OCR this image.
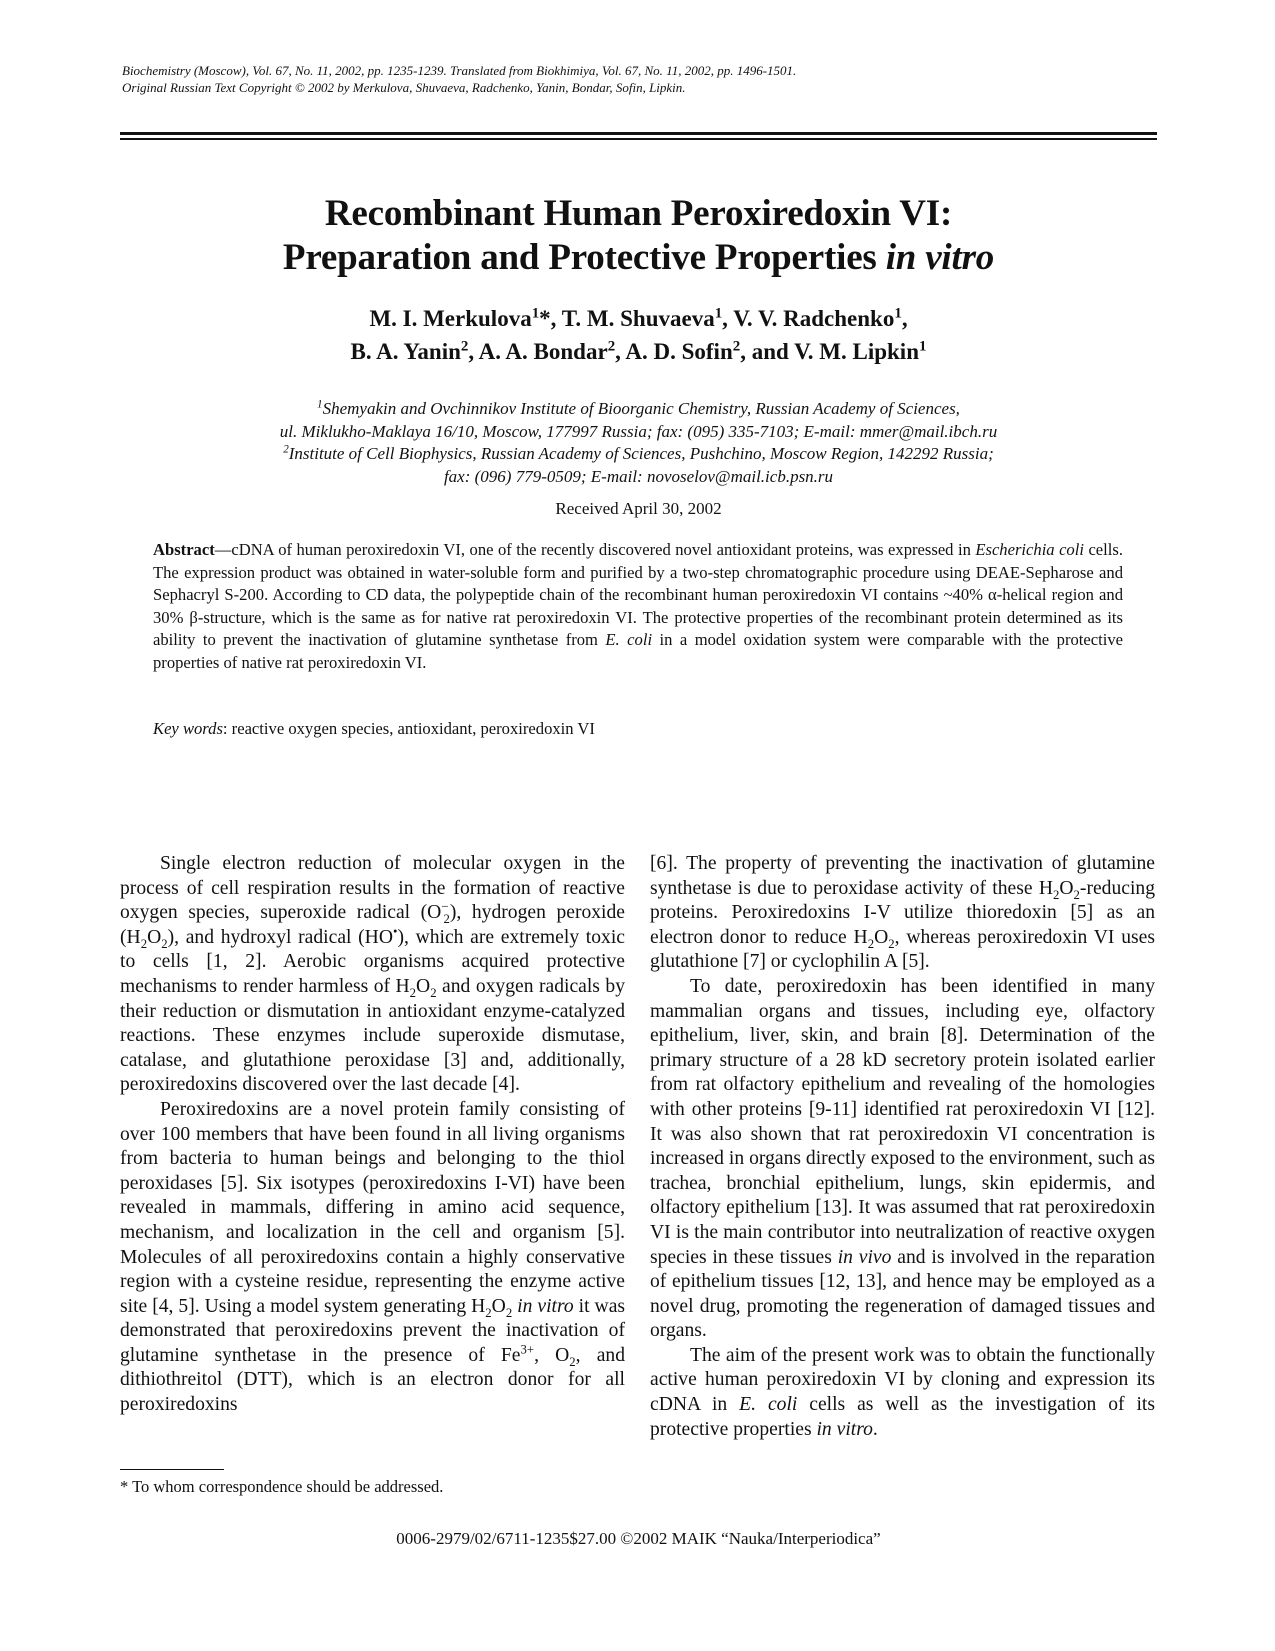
Biochemistry (Moscow), Vol. 67, No. 11, 2002, pp. 1235-1239. Translated from Biokhimiya, Vol. 67, No. 11, 2002, pp. 1496-1501.
Original Russian Text Copyright © 2002 by Merkulova, Shuvaeva, Radchenko, Yanin, Bondar, Sofin, Lipkin.
Recombinant Human Peroxiredoxin VI:
Preparation and Protective Properties in vitro
M. I. Merkulova$^1$*, T. M. Shuvaeva$^1$, V. V. Radchenko$^1$,
B. A. Yanin$^2$, A. A. Bondar$^2$, A. D. Sofin$^2$, and V. M. Lipkin$^1$
$^1$Shemyakin and Ovchinnikov Institute of Bioorganic Chemistry, Russian Academy of Sciences,
ul. Miklukho-Maklaya 16/10, Moscow, 177997 Russia; fax: (095) 335-7103; E-mail: mmer@mail.ibch.ru
$^2$Institute of Cell Biophysics, Russian Academy of Sciences, Pushchino, Moscow Region, 142292 Russia;
fax: (096) 779-0509; E-mail: novoselov@mail.icb.psn.ru
Received April 30, 2002
Abstract—cDNA of human peroxiredoxin VI, one of the recently discovered novel antioxidant proteins, was expressed in Escherichia coli cells. The expression product was obtained in water-soluble form and purified by a two-step chromatographic procedure using DEAE-Sepharose and Sephacryl S-200. According to CD data, the polypeptide chain of the recombinant human peroxiredoxin VI contains ~40% α-helical region and 30% β-structure, which is the same as for native rat peroxiredoxin VI. The protective properties of the recombinant protein determined as its ability to prevent the inactivation of glutamine synthetase from E. coli in a model oxidation system were comparable with the protective properties of native rat peroxiredoxin VI.
Key words: reactive oxygen species, antioxidant, peroxiredoxin VI

Single electron reduction of molecular oxygen in the process of cell respiration results in the formation of reactive oxygen species, superoxide radical $(O^-_2)$, hydrogen peroxide $(H_2O_2)$, and hydroxyl radical (HO•), which are extremely toxic to cells [1, 2]. Aerobic organisms acquired protective mechanisms to render harmless of $H_2O_2$ and oxygen radicals by their reduction or dismutation in antioxidant enzyme-catalyzed reactions. These enzymes include superoxide dismutase, catalase, and glutathione peroxidase [3] and, additionally, peroxiredoxins discovered over the last decade [4].

Peroxiredoxins are a novel protein family consisting of over 100 members that have been found in all living organisms from bacteria to human beings and belonging to the thiol peroxidases [5]. Six isotypes (peroxiredoxins I-VI) have been revealed in mammals, differing in amino acid sequence, mechanism, and localization in the cell and organism [5]. Molecules of all peroxiredoxins contain a highly conservative region with a cysteine residue, representing the enzyme active site [4, 5]. Using a model system generating $H_2O_2$ in vitro it was demonstrated that peroxiredoxins prevent the inactivation of glutamine synthetase in the presence of $Fe^{3+}$, $O_2$, and dithiothreitol (DTT), which is an electron donor for all peroxiredoxins

[6]. The property of preventing the inactivation of glutamine synthetase is due to peroxidase activity of these $H_2O_2$-reducing proteins. Peroxiredoxins I-V utilize thioredoxin [5] as an electron donor to reduce $H_2O_2$, whereas peroxiredoxin VI uses glutathione [7] or cyclophilin A [5].

To date, peroxiredoxin has been identified in many mammalian organs and tissues, including eye, olfactory epithelium, liver, skin, and brain [8]. Determination of the primary structure of a 28 kD secretory protein isolated earlier from rat olfactory epithelium and revealing of the homologies with other proteins [9-11] identified rat peroxiredoxin VI [12]. It was also shown that rat peroxiredoxin VI concentration is increased in organs directly exposed to the environment, such as trachea, bronchial epithelium, lungs, skin epidermis, and olfactory epithelium [13]. It was assumed that rat peroxiredoxin VI is the main contributor into neutralization of reactive oxygen species in these tissues in vivo and is involved in the reparation of epithelium tissues [12, 13], and hence may be employed as a novel drug, promoting the regeneration of damaged tissues and organs.

The aim of the present work was to obtain the functionally active human peroxiredoxin VI by cloning and expression its cDNA in E. coli cells as well as the investigation of its protective properties in vitro.

* To whom correspondence should be addressed.
0006-2979/02/6711-1235$27.00 ©2002 MAIK “Nauka/Interperiodica”
